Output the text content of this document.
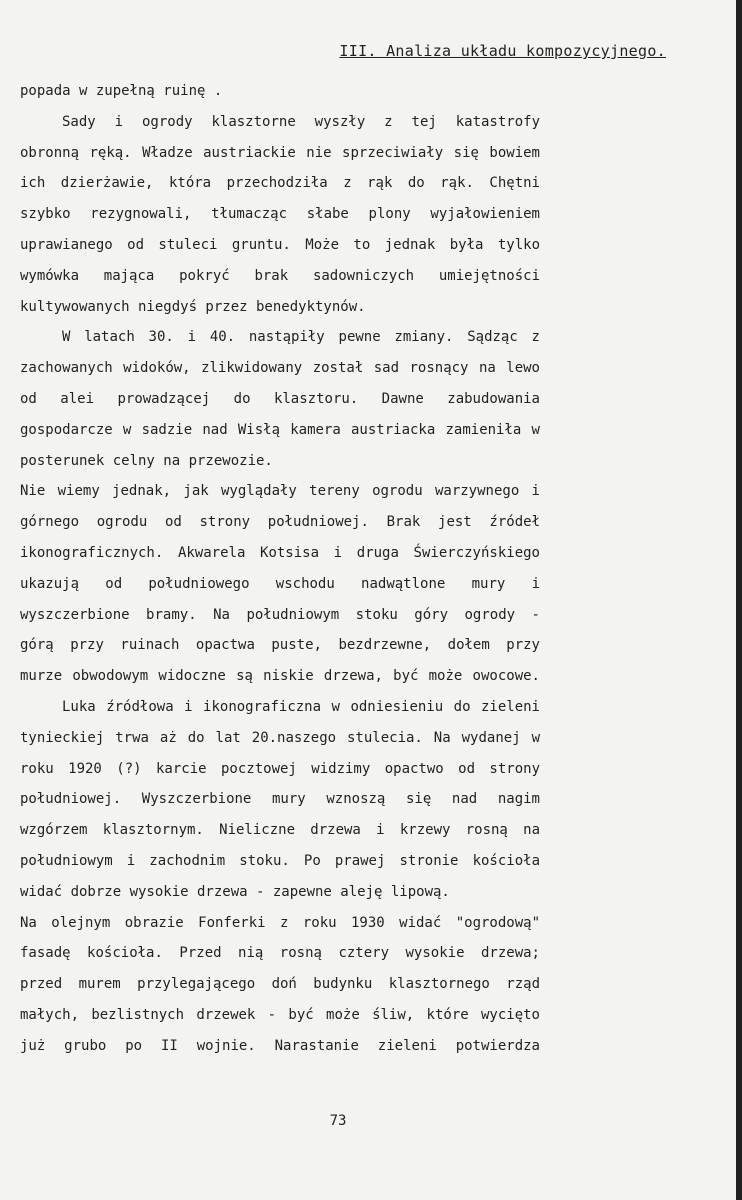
III. Analiza układu kompozycyjnego.
popada w zupełną ruinę .
Sady i ogrody klasztorne wyszły z tej katastrofy
obronną ręką. Władze austriackie nie sprzeciwiały się bowiem
ich dzierżawie, która przechodziła z rąk do rąk. Chętni
szybko rezygnowali, tłumacząc słabe plony wyjałowieniem
uprawianego od stuleci gruntu. Może to jednak była tylko
wymówka mająca pokryć brak sadowniczych umiejętności
kultywowanych niegdyś przez benedyktynów.
W latach 30. i 40. nastąpiły pewne zmiany. Sądząc z
zachowanych widoków, zlikwidowany został sad rosnący na lewo
od alei prowadzącej do klasztoru. Dawne zabudowania
gospodarcze w sadzie nad Wisłą kamera austriacka zamieniła w
posterunek celny na przewozie.
Nie wiemy jednak, jak wyglądały tereny ogrodu warzywnego i
górnego ogrodu od strony południowej. Brak jest źródeł
ikonograficznych. Akwarela Kotsisa i druga Świerczyńskiego
ukazują od południowego wschodu nadwątlone mury i
wyszczerbione bramy. Na południowym stoku góry ogrody -
górą przy ruinach opactwa puste, bezdrzewne, dołem przy
murze obwodowym widoczne są niskie drzewa, być może owocowe.
Luka źródłowa i ikonograficzna w odniesieniu do zieleni
tynieckiej trwa aż do lat 20.naszego stulecia. Na wydanej w
roku 1920 (?) karcie pocztowej widzimy opactwo od strony
południowej. Wyszczerbione mury wznoszą się nad nagim
wzgórzem klasztornym. Nieliczne drzewa i krzewy rosną na
południowym i zachodnim stoku. Po prawej stronie kościoła
widać dobrze wysokie drzewa - zapewne aleję lipową.
Na olejnym obrazie Fonferki z roku 1930 widać "ogrodową"
fasadę kościoła. Przed nią rosną cztery wysokie drzewa;
przed murem przylegającego doń budynku klasztornego rząd
małych, bezlistnych drzewek - być może śliw, które wycięto
już grubo po II wojnie. Narastanie zieleni potwierdza
73
